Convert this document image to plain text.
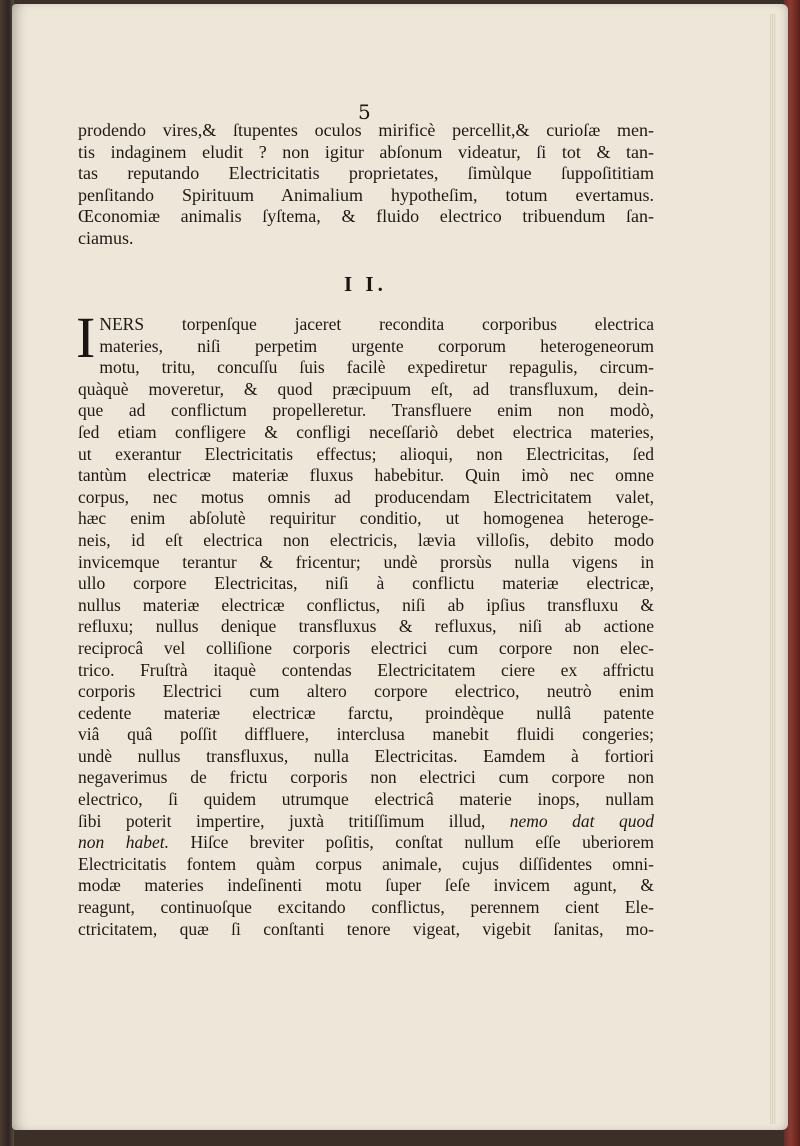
5
prodendo vires,& ſtupentes oculos mirificè percellit,& curioſæ men-
tis indaginem eludit ? non igitur abſonum videatur, ſi tot & tan-
tas reputando Electricitatis proprietates, ſimùlque ſuppoſititiam
penſitando Spirituum Animalium hypotheſim, totum evertamus.
Œconomiæ animalis ſyſtema, & fluido electrico tribuendum ſan-
ciamus.
I I.
I NERS torpenſque jaceret recondita corporibus electrica
materies, niſi perpetim urgente corporum heterogeneorum
motu, tritu, concuſſu ſuis facilè expediretur repagulis, circum-
quàquè moveretur, & quod præcipuum eſt, ad transfluxum, dein-
que ad conflictum propelleretur. Transfluere enim non modò,
ſed etiam confligere & confligi neceſſariò debet electrica materies,
ut exerantur Electricitatis effectus; alioqui, non Electricitas, ſed
tantùm electricæ materiæ fluxus habebitur. Quin imò nec omne
corpus, nec motus omnis ad producendam Electricitatem valet,
hæc enim abſolutè requiritur conditio, ut homogenea heteroge-
neis, id eſt electrica non electricis, lævia villoſis, debito modo
invicemque terantur & fricentur; undè prorsùs nulla vigens in
ullo corpore Electricitas, niſi à conflictu materiæ electricæ,
nullus materiæ electricæ conflictus, niſi ab ipſius transfluxu &
refluxu; nullus denique transfluxus & refluxus, niſi ab actione
reciprocâ vel colliſione corporis electrici cum corpore non elec-
trico. Fruſtrà itaquè contendas Electricitatem ciere ex affrictu
corporis Electrici cum altero corpore electrico, neutrò enim
cedente materiæ electricæ farctu, proindèque nullâ patente
viâ quâ poſſit diffluere, interclusa manebit fluidi congeries;
undè nullus transfluxus, nulla Electricitas. Eamdem à fortiori
negaverimus de frictu corporis non electrici cum corpore non
electrico, ſi quidem utrumque electricâ materie inops, nullam
ſibi poterit impertire, juxtà tritiſſimum illud, nemo dat quod
non habet. Hiſce breviter poſitis, conſtat nullum eſſe uberiorem
Electricitatis fontem quàm corpus animale, cujus diſſidentes omni-
modæ materies indeſinenti motu ſuper ſeſe invicem agunt, &
reagunt, continuoſque excitando conflictus, perennem cient Ele-
ctricitatem, quæ ſi conſtanti tenore vigeat, vigebit ſanitas, mo-
